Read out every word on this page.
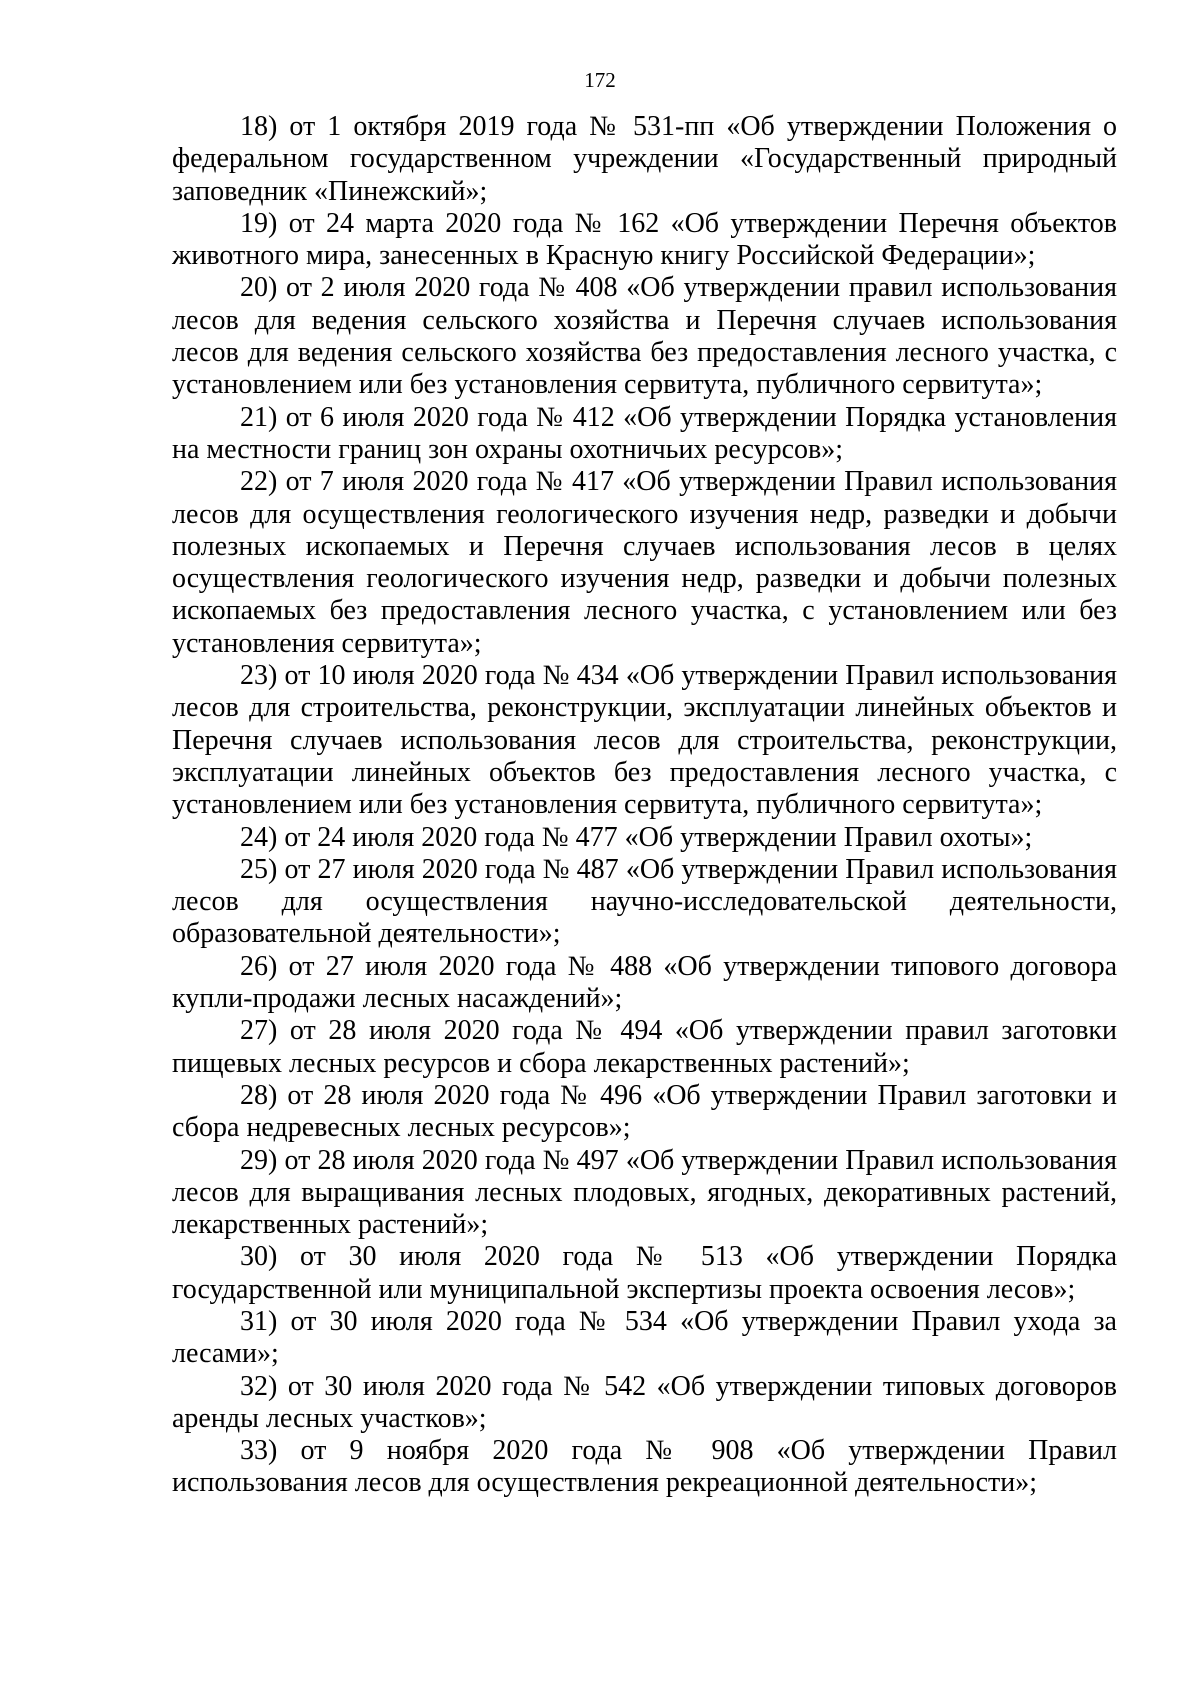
172

18) от 1 октября 2019 года № 531-пп «Об утверждении Положения о федеральном государственном учреждении «Государственный природный заповедник «Пинежский»;

19) от 24 марта 2020 года № 162 «Об утверждении Перечня объектов животного мира, занесенных в Красную книгу Российской Федерации»;

20) от 2 июля 2020 года № 408 «Об утверждении правил использования лесов для ведения сельского хозяйства и Перечня случаев использования лесов для ведения сельского хозяйства без предоставления лесного участка, с установлением или без установления сервитута, публичного сервитута»;

21) от 6 июля 2020 года № 412 «Об утверждении Порядка установления на местности границ зон охраны охотничьих ресурсов»;

22) от 7 июля 2020 года № 417 «Об утверждении Правил использования лесов для осуществления геологического изучения недр, разведки и добычи полезных ископаемых и Перечня случаев использования лесов в целях осуществления геологического изучения недр, разведки и добычи полезных ископаемых без предоставления лесного участка, с установлением или без установления сервитута»;

23) от 10 июля 2020 года № 434 «Об утверждении Правил использования лесов для строительства, реконструкции, эксплуатации линейных объектов и Перечня случаев использования лесов для строительства, реконструкции, эксплуатации линейных объектов без предоставления лесного участка, с установлением или без установления сервитута, публичного сервитута»;

24) от 24 июля 2020 года № 477 «Об утверждении Правил охоты»;

25) от 27 июля 2020 года № 487 «Об утверждении Правил использования лесов для осуществления научно-исследовательской деятельности, образовательной деятельности»;

26) от 27 июля 2020 года № 488 «Об утверждении типового договора купли-продажи лесных насаждений»;

27) от 28 июля 2020 года № 494 «Об утверждении правил заготовки пищевых лесных ресурсов и сбора лекарственных растений»;

28) от 28 июля 2020 года № 496 «Об утверждении Правил заготовки и сбора недревесных лесных ресурсов»;

29) от 28 июля 2020 года № 497 «Об утверждении Правил использования лесов для выращивания лесных плодовых, ягодных, декоративных растений, лекарственных растений»;

30) от 30 июля 2020 года № 513 «Об утверждении Порядка государственной или муниципальной экспертизы проекта освоения лесов»;

31) от 30 июля 2020 года № 534 «Об утверждении Правил ухода за лесами»;

32) от 30 июля 2020 года № 542 «Об утверждении типовых договоров аренды лесных участков»;

33) от 9 ноября 2020 года № 908 «Об утверждении Правил использования лесов для осуществления рекреационной деятельности»;
